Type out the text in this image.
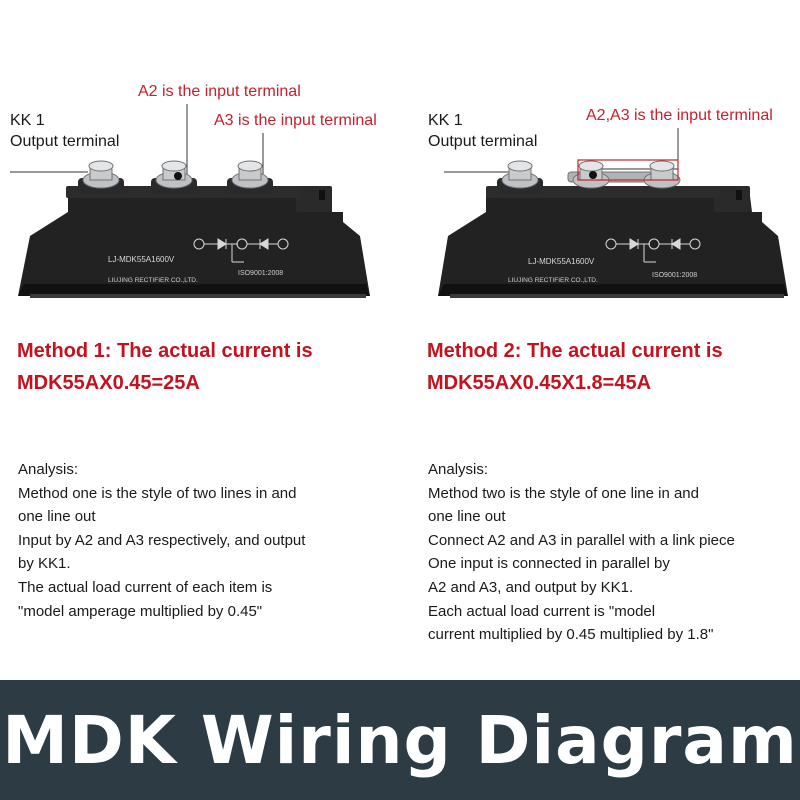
KK 1
Output terminal
A2 is the input terminal
A3 is the input terminal
LJ-MDK55A1600V
LIUJING RECTIFIER CO.,LTD.
ISO9001:2008
Method 1: The actual current is
MDK55AX0.45=25A
Analysis:
Method one is the style of two lines in and
one line out
Input by A2 and A3 respectively, and output
by KK1.
The actual load current of each item is
"model amperage multiplied by 0.45"
KK 1
Output terminal
A2,A3 is the input terminal
LJ-MDK55A1600V
LIUJING RECTIFIER CO.,LTD.
ISO9001:2008
Method 2: The actual current is
MDK55AX0.45X1.8=45A
Analysis:
Method two is the style of one line in and
one line out
Connect A2 and A3 in parallel with a link piece
One input is connected in parallel by
A2 and A3, and output by KK1.
Each actual load current is "model
current multiplied by 0.45 multiplied by 1.8"
MDK Wiring Diagram
